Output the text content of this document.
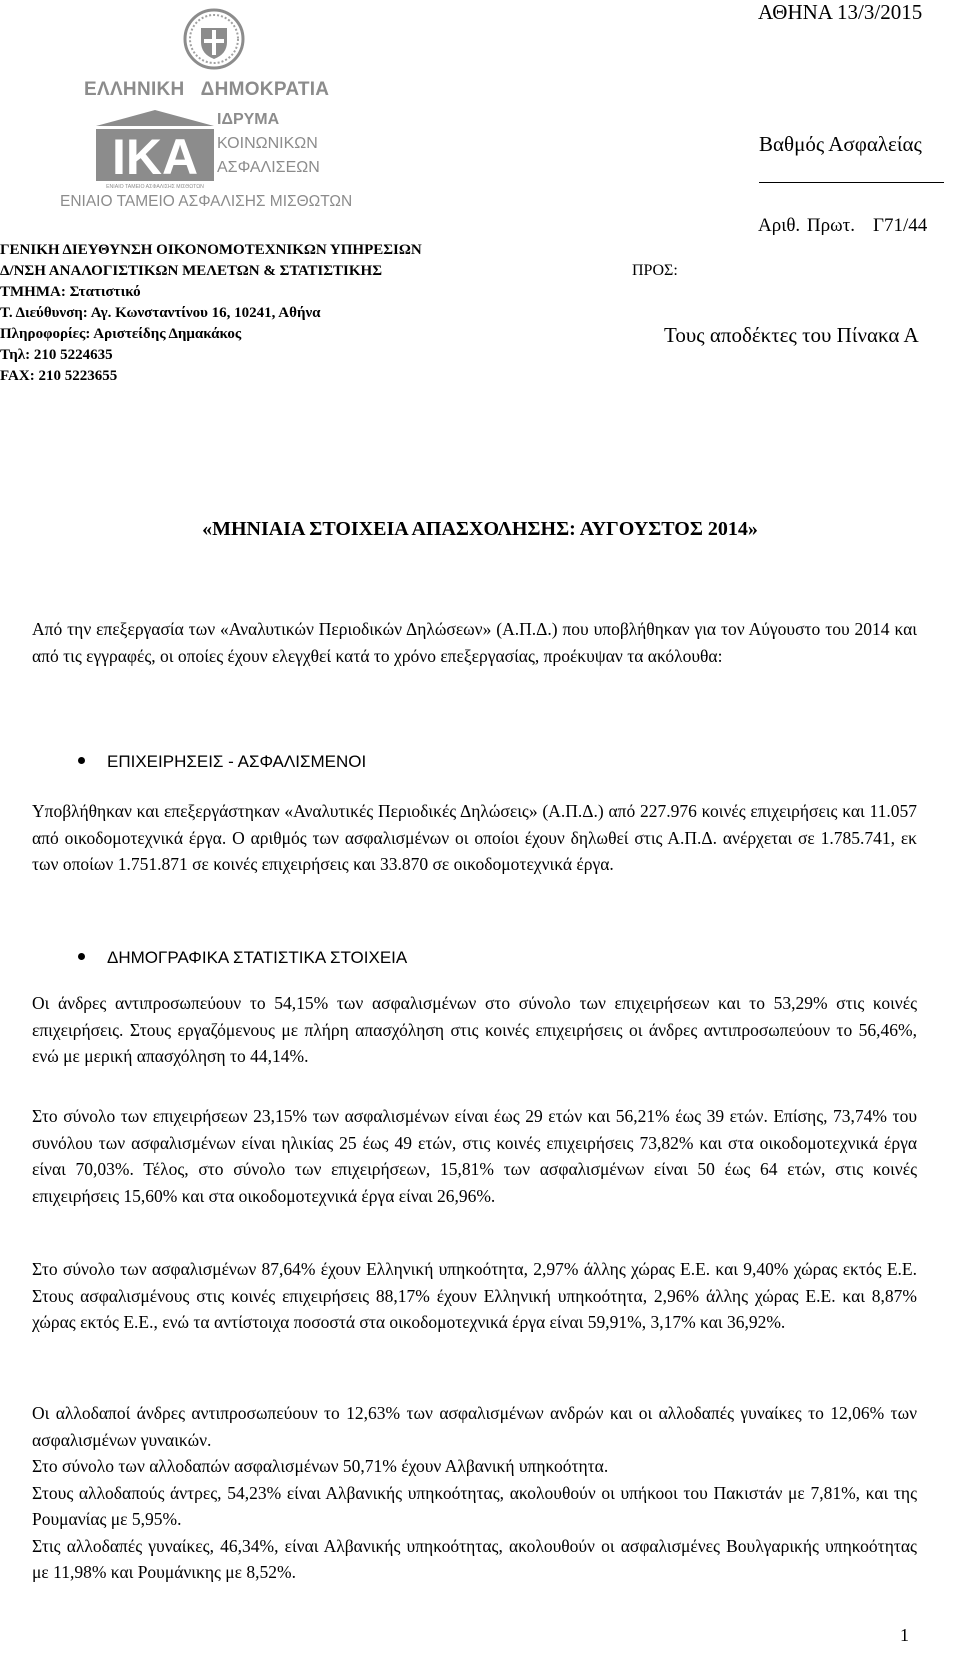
ΕΛΛΗΝΙΚΗ   ΔΗΜΟΚΡΑΤΙΑ
IKA
ΕΝΙΑΙΟ ΤΑΜΕΙΟ ΑΣΦΑΛΙΣΗΣ ΜΙΣΘΩΤΩΝ
ΙΔΡΥΜΑ
ΚΟΙΝΩΝΙΚΩΝ
ΑΣΦΑΛΙΣΕΩΝ
ΕΝΙΑΙΟ ΤΑΜΕΙΟ ΑΣΦΑΛΙΣΗΣ ΜΙΣΘΩΤΩΝ
ΓΕΝΙΚΗ ΔΙΕΥΘΥΝΣΗ ΟΙΚΟΝΟΜΟΤΕΧΝΙΚΩΝ ΥΠΗΡΕΣΙΩΝ
Δ/ΝΣΗ ΑΝΑΛΟΓΙΣΤΙΚΩΝ ΜΕΛΕΤΩΝ & ΣΤΑΤΙΣΤΙΚΗΣ
ΤΜΗΜΑ: Στατιστικό
Τ. Διεύθυνση: Αγ. Κωνσταντίνου 16, 10241, Αθήνα
Πληροφορίες: Αριστείδης Δημακάκος
Τηλ: 210 5224635
FAX: 210 5223655
ΑΘΗΝΑ 13/3/2015
Βαθμός Ασφαλείας
Αριθ. Πρωτ. Γ71/44
ΠΡΟΣ:
Τους αποδέκτες του Πίνακα Α
«ΜΗΝΙΑΙΑ ΣΤΟΙΧΕΙΑ ΑΠΑΣΧΟΛΗΣΗΣ: ΑΥΓΟΥΣΤΟΣ 2014»

Από την επεξεργασία των «Αναλυτικών Περιοδικών Δηλώσεων» (Α.Π.Δ.) που υποβλήθηκαν για τον Αύγουστο του 2014 και από τις εγγραφές, οι οποίες έχουν ελεγχθεί κατά το χρόνο επεξεργασίας, προέκυψαν τα ακόλουθα:

ΕΠΙΧΕΙΡΗΣΕΙΣ - ΑΣΦΑΛΙΣΜΕΝΟΙ

Υποβλήθηκαν και επεξεργάστηκαν «Αναλυτικές Περιοδικές Δηλώσεις» (Α.Π.Δ.) από 227.976 κοινές επιχειρήσεις και 11.057 από οικοδομοτεχνικά έργα. Ο αριθμός των ασφαλισμένων οι οποίοι έχουν δηλωθεί στις Α.Π.Δ. ανέρχεται σε 1.785.741, εκ των οποίων 1.751.871 σε κοινές επιχειρήσεις και 33.870 σε οικοδομοτεχνικά έργα.

ΔΗΜΟΓΡΑΦΙΚΑ ΣΤΑΤΙΣΤΙΚΑ ΣΤΟΙΧΕΙΑ

Οι άνδρες αντιπροσωπεύουν το 54,15% των ασφαλισμένων στο σύνολο των επιχειρήσεων και το 53,29% στις κοινές επιχειρήσεις. Στους εργαζόμενους με πλήρη απασχόληση στις κοινές επιχειρήσεις οι άνδρες αντιπροσωπεύουν το 56,46%, ενώ με μερική απασχόληση το 44,14%.

Στο σύνολο των επιχειρήσεων 23,15% των ασφαλισμένων είναι έως 29 ετών και 56,21% έως 39 ετών. Επίσης, 73,74% του συνόλου των ασφαλισμένων είναι ηλικίας 25 έως 49 ετών, στις κοινές επιχειρήσεις 73,82% και στα οικοδομοτεχνικά έργα είναι 70,03%. Τέλος, στο σύνολο των επιχειρήσεων, 15,81% των ασφαλισμένων είναι 50 έως 64 ετών, στις κοινές επιχειρήσεις 15,60% και στα οικοδομοτεχνικά έργα είναι 26,96%.

Στο σύνολο των ασφαλισμένων 87,64% έχουν Ελληνική υπηκοότητα, 2,97% άλλης χώρας Ε.Ε. και 9,40% χώρας εκτός Ε.Ε. Στους ασφαλισμένους στις κοινές επιχειρήσεις 88,17% έχουν Ελληνική υπηκοότητα, 2,96% άλλης χώρας Ε.Ε. και 8,87% χώρας εκτός Ε.Ε., ενώ τα αντίστοιχα ποσοστά στα οικοδομοτεχνικά έργα είναι 59,91%, 3,17% και 36,92%.

Οι αλλοδαποί άνδρες αντιπροσωπεύουν το 12,63% των ασφαλισμένων ανδρών και οι αλλοδαπές γυναίκες το 12,06% των ασφαλισμένων γυναικών.

Στο σύνολο των αλλοδαπών ασφαλισμένων 50,71% έχουν Αλβανική υπηκοότητα.

Στους αλλοδαπούς άντρες, 54,23% είναι Αλβανικής υπηκοότητας, ακολουθούν οι υπήκοοι του Πακιστάν με 7,81%, και της Ρουμανίας με 5,95%.

Στις αλλοδαπές γυναίκες, 46,34%, είναι Αλβανικής υπηκοότητας, ακολουθούν οι ασφαλισμένες Βουλγαρικής υπηκοότητας με 11,98% και Ρουμάνικης με 8,52%.

1
